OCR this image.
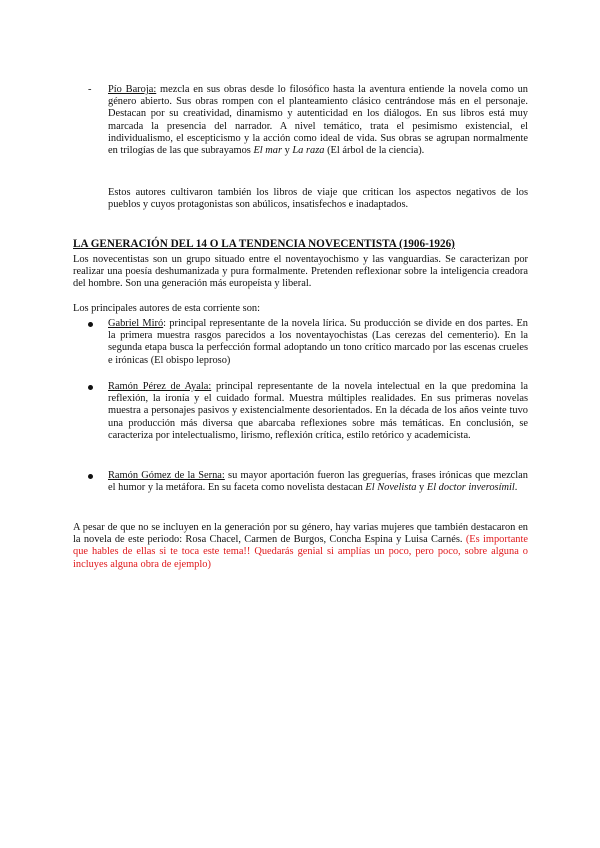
- Pío Baroja: mezcla en sus obras desde lo filosófico hasta la aventura entiende la novela como un género abierto. Sus obras rompen con el planteamiento clásico centrándose más en el personaje. Destacan por su creatividad, dinamismo y autenticidad en los diálogos. En sus libros está muy marcada la presencia del narrador. A nivel temático, trata el pesimismo existencial, el individualismo, el escepticismo y la acción como ideal de vida. Sus obras se agrupan normalmente en trilogías de las que subrayamos El mar y La raza (El árbol de la ciencia).
Estos autores cultivaron también los libros de viaje que critican los aspectos negativos de los pueblos y cuyos protagonistas son abúlicos, insatisfechos e inadaptados.
LA GENERACIÓN DEL 14 O LA TENDENCIA NOVECENTISTA (1906-1926)
Los novecentistas son un grupo situado entre el noventayochismo y las vanguardias. Se caracterizan por realizar una poesía deshumanizada y pura formalmente. Pretenden reflexionar sobre la inteligencia creadora del hombre. Son una generación más europeísta y liberal.
Los principales autores de esta corriente son:
Gabriel Miró: principal representante de la novela lírica. Su producción se divide en dos partes. En la primera muestra rasgos parecidos a los noventayochistas (Las cerezas del cementerio). En la segunda etapa busca la perfección formal adoptando un tono crítico marcado por las escenas crueles e irónicas (El obispo leproso)
Ramón Pérez de Ayala: principal representante de la novela intelectual en la que predomina la reflexión, la ironía y el cuidado formal. Muestra múltiples realidades. En sus primeras novelas muestra a personajes pasivos y existencialmente desorientados. En la década de los años veinte tuvo una producción más diversa que abarcaba reflexiones sobre más temáticas. En conclusión, se caracteriza por intelectualismo, lirismo, reflexión crítica, estilo retórico y academicista.
Ramón Gómez de la Serna: su mayor aportación fueron las greguerías, frases irónicas que mezclan el humor y la metáfora. En su faceta como novelista destacan El Novelista y El doctor inverosímil.
A pesar de que no se incluyen en la generación por su género, hay varias mujeres que también destacaron en la novela de este periodo: Rosa Chacel, Carmen de Burgos, Concha Espina y Luisa Carnés. (Es importante que hables de ellas si te toca este tema!! Quedarás genial si amplías un poco, pero poco, sobre alguna o incluyes alguna obra de ejemplo)
